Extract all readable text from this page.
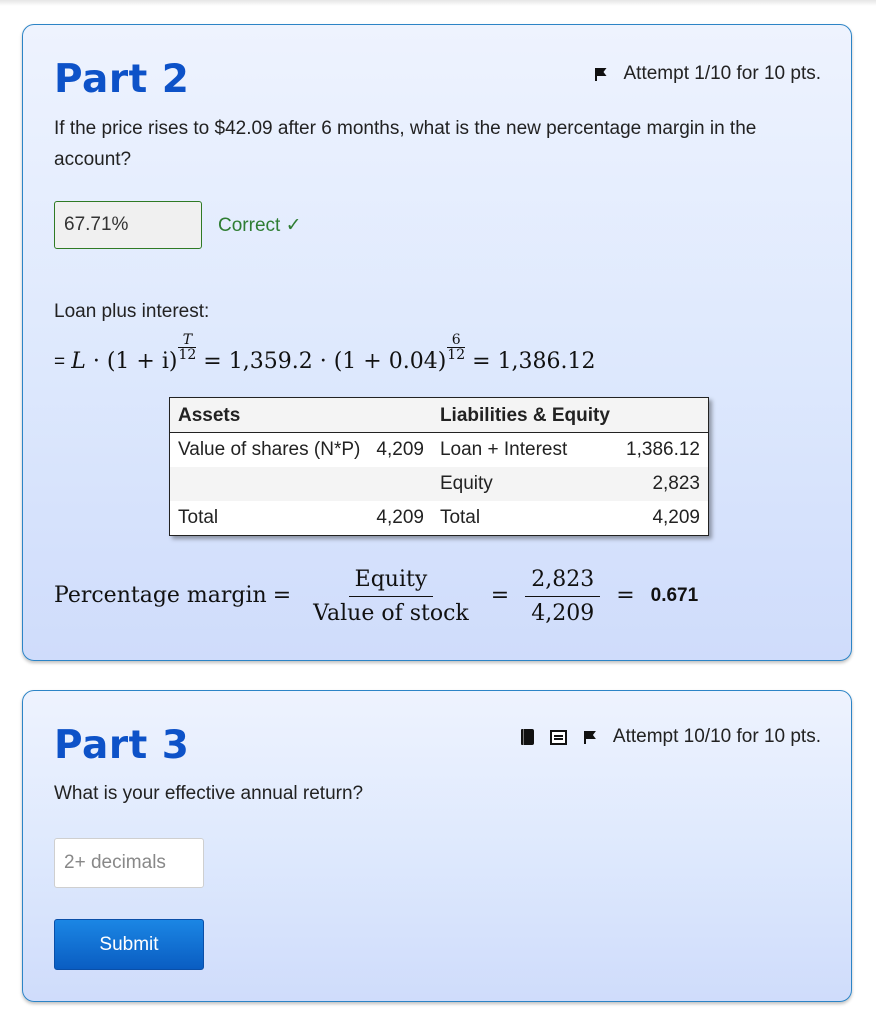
Part 2	Attempt 1/10 for 10 pts.
If the price rises to $42.09 after 6 months, what is the new percentage margin in the account?
67.71%	Correct ✓
Loan plus interest:
= $L \cdot (1 + i) \frac{T}{12} = 1,359.2 \cdot (1 + 0.04) \frac{6}{12} = 1,386.12$
Assets		Liabilities & Equity	
Value of shares (N*P)	4,209	Loan + Interest	1,386.12
		Equity	2,823
Total	4,209	Total	4,209
Percentage margin = $\frac{\text{Equity}}{\text{Value of stock}} = \frac{2,823}{4,209} = 0.671$
Part 3	Attempt 10/10 for 10 pts.
What is your effective annual return?
2+ decimals
Submit
